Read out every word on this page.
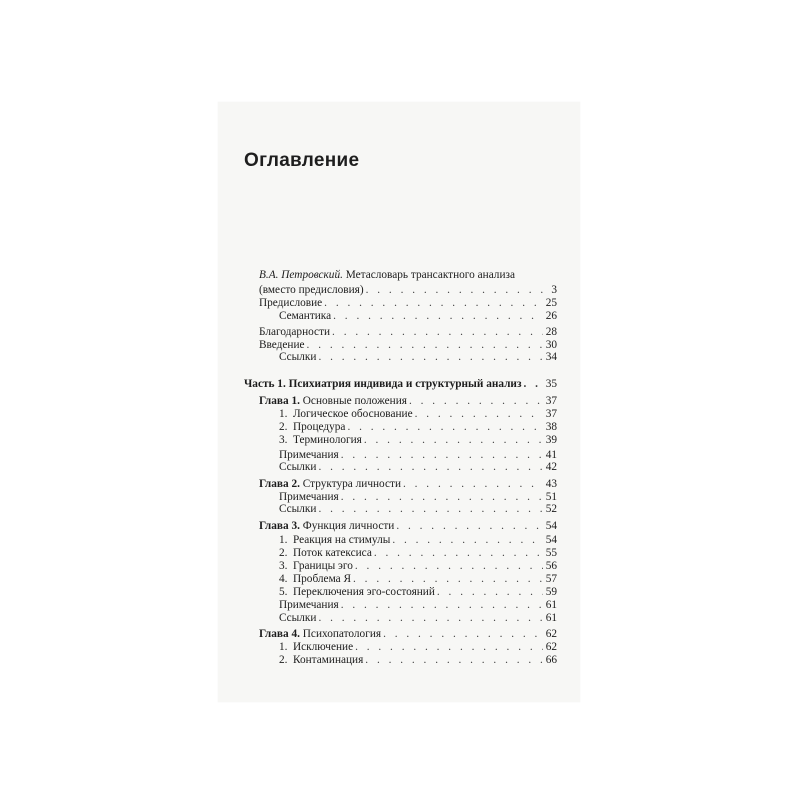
Оглавление
В.А. Петровский. Метасловарь трансактного анализа
(вместо предисловия) . . .	3
Предисловие . . .	25
Семантика . . .	26
Благодарности . . .	28
Введение . . .	30
Ссылки . . .	34
Часть 1. Психиатрия индивида и структурный анализ . . . 35
Глава 1. Основные положения . . .	37
1. Логическое обоснование . . .	37
2. Процедура . . .	38
3. Терминология . . .	39
Примечания . . .	41
Ссылки . . .	42
Глава 2. Структура личности . . .	43
Примечания . . .	51
Ссылки . . .	52
Глава 3. Функция личности . . .	54
1. Реакция на стимулы . . .	54
2. Поток катексиса . . .	55
3. Границы эго . . .	56
4. Проблема Я . . .	57
5. Переключения эго-состояний . . .	59
Примечания . . .	61
Ссылки . . .	61
Глава 4. Психопатология . . .	62
1. Исключение . . .	62
2. Контаминация . . .	66
